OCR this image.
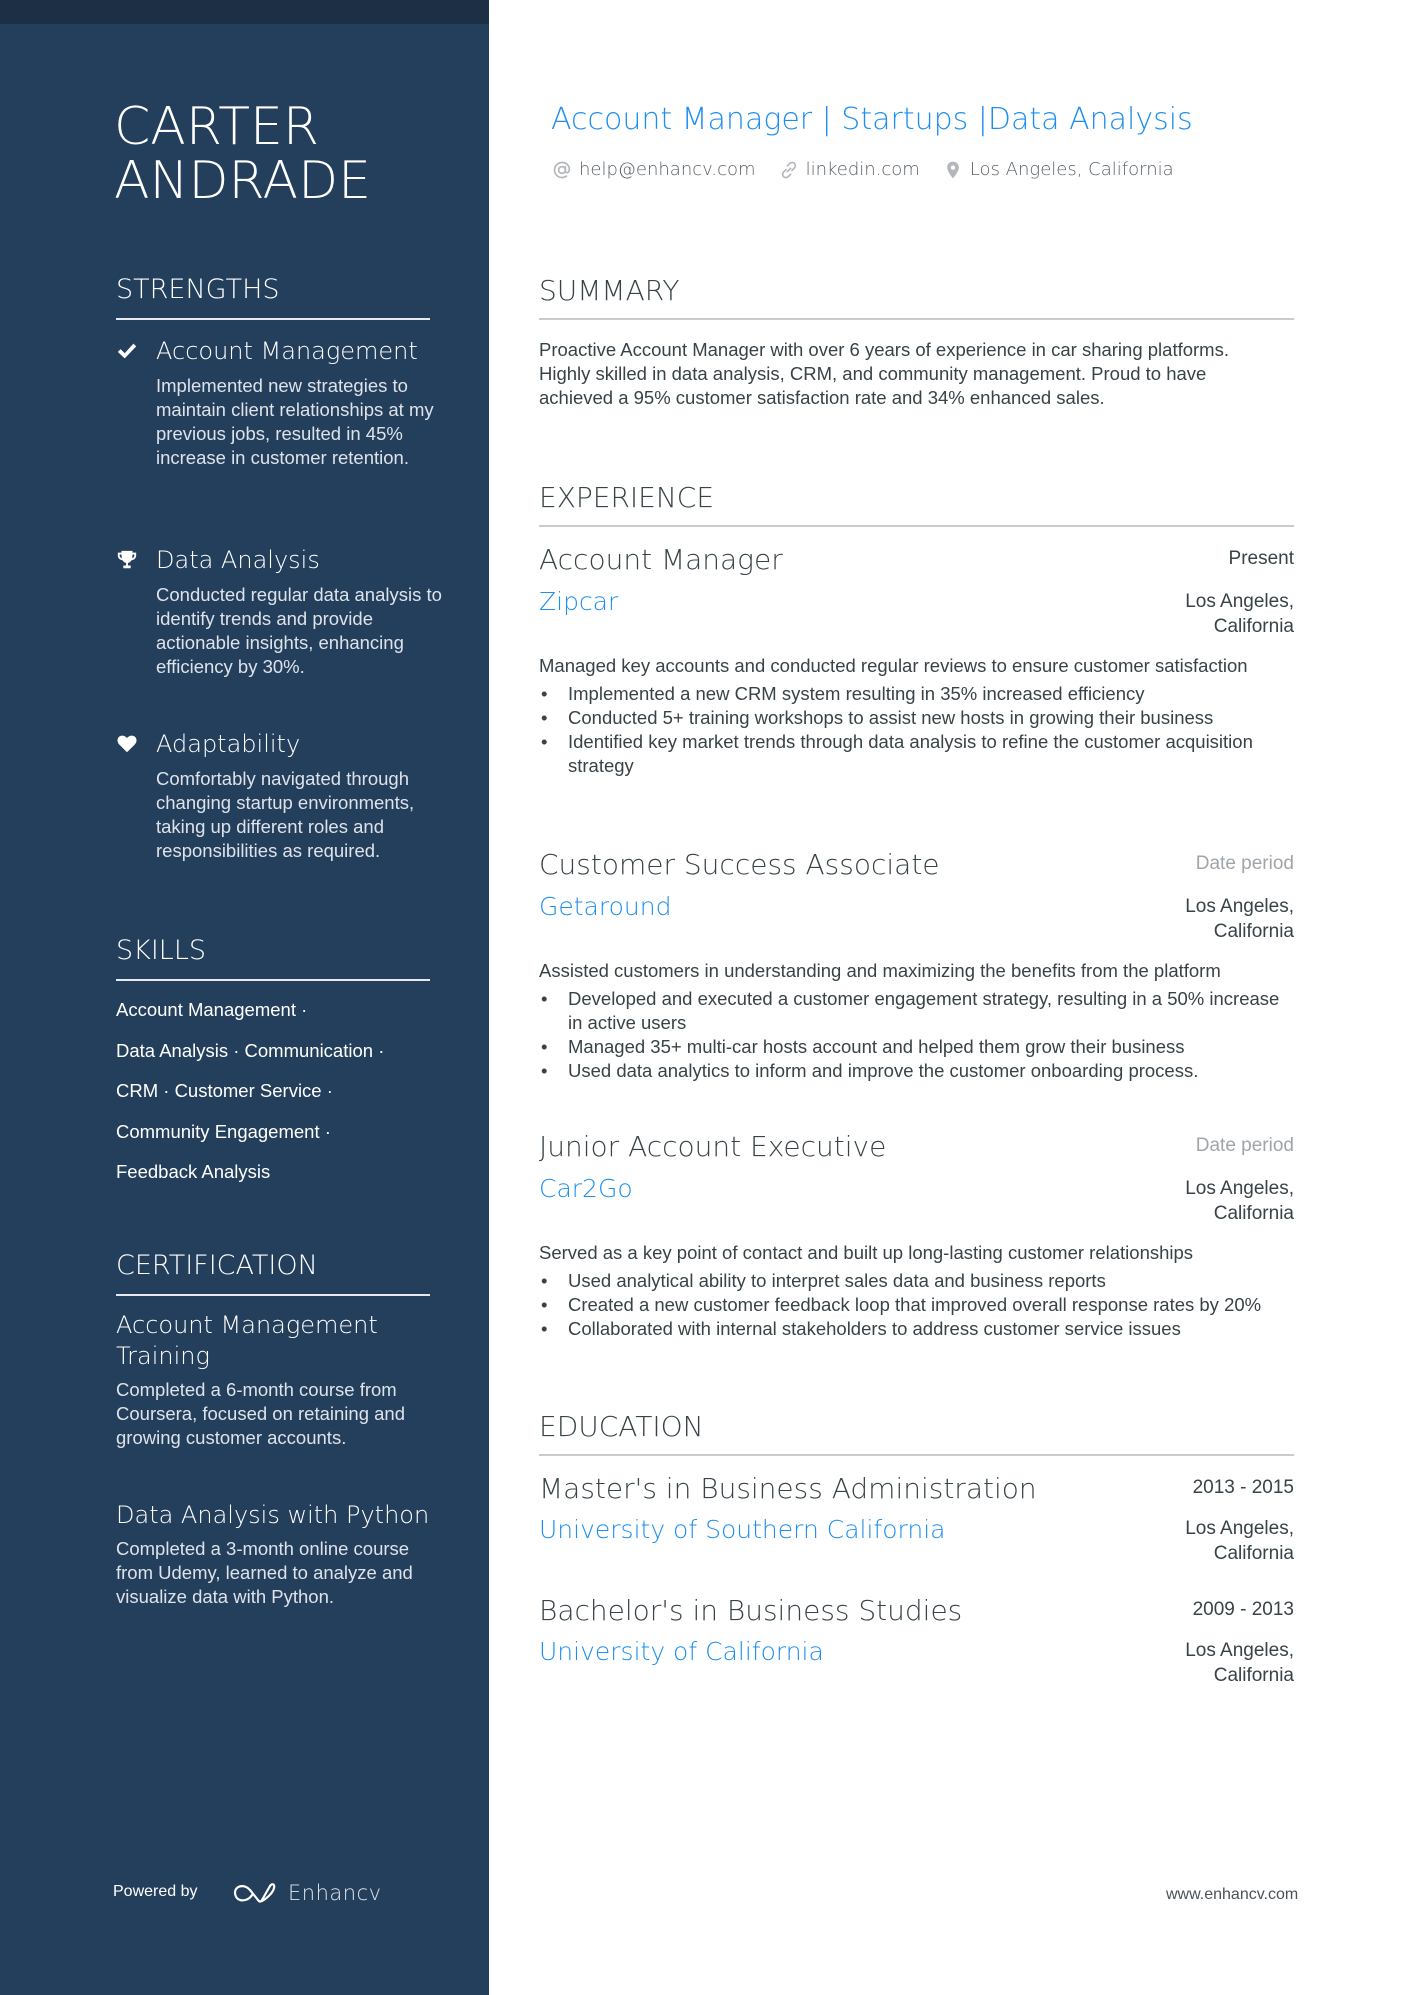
CARTER
ANDRADE
STRENGTHS
Account Management
Implemented new strategies to maintain client relationships at my previous jobs, resulted in 45% increase in customer retention.
Data Analysis
Conducted regular data analysis to identify trends and provide actionable insights, enhancing efficiency by 30%.
Adaptability
Comfortably navigated through changing startup environments, taking up different roles and responsibilities as required.
SKILLS
Account Management ·
Data Analysis · Communication ·
CRM · Customer Service ·
Community Engagement ·
Feedback Analysis
CERTIFICATION
Account Management Training
Completed a 6-month course from Coursera, focused on retaining and growing customer accounts.
Data Analysis with Python
Completed a 3-month online course from Udemy, learned to analyze and visualize data with Python.
Powered by	Enhancv
Account Manager | Startups |Data Analysis
help@enhancv.com	linkedin.com	Los Angeles, California
SUMMARY
Proactive Account Manager with over 6 years of experience in car sharing platforms. Highly skilled in data analysis, CRM, and community management. Proud to have achieved a 95% customer satisfaction rate and 34% enhanced sales.
EXPERIENCE
Account Manager	Present
Zipcar	Los Angeles, California
Managed key accounts and conducted regular reviews to ensure customer satisfaction
• Implemented a new CRM system resulting in 35% increased efficiency
• Conducted 5+ training workshops to assist new hosts in growing their business
• Identified key market trends through data analysis to refine the customer acquisition strategy
Customer Success Associate	Date period
Getaround	Los Angeles, California
Assisted customers in understanding and maximizing the benefits from the platform
• Developed and executed a customer engagement strategy, resulting in a 50% increase in active users
• Managed 35+ multi-car hosts account and helped them grow their business
• Used data analytics to inform and improve the customer onboarding process.
Junior Account Executive	Date period
Car2Go	Los Angeles, California
Served as a key point of contact and built up long-lasting customer relationships
• Used analytical ability to interpret sales data and business reports
• Created a new customer feedback loop that improved overall response rates by 20%
• Collaborated with internal stakeholders to address customer service issues
EDUCATION
Master's in Business Administration	2013 - 2015
University of Southern California	Los Angeles, California
Bachelor's in Business Studies	2009 - 2013
University of California	Los Angeles, California
www.enhancv.com
